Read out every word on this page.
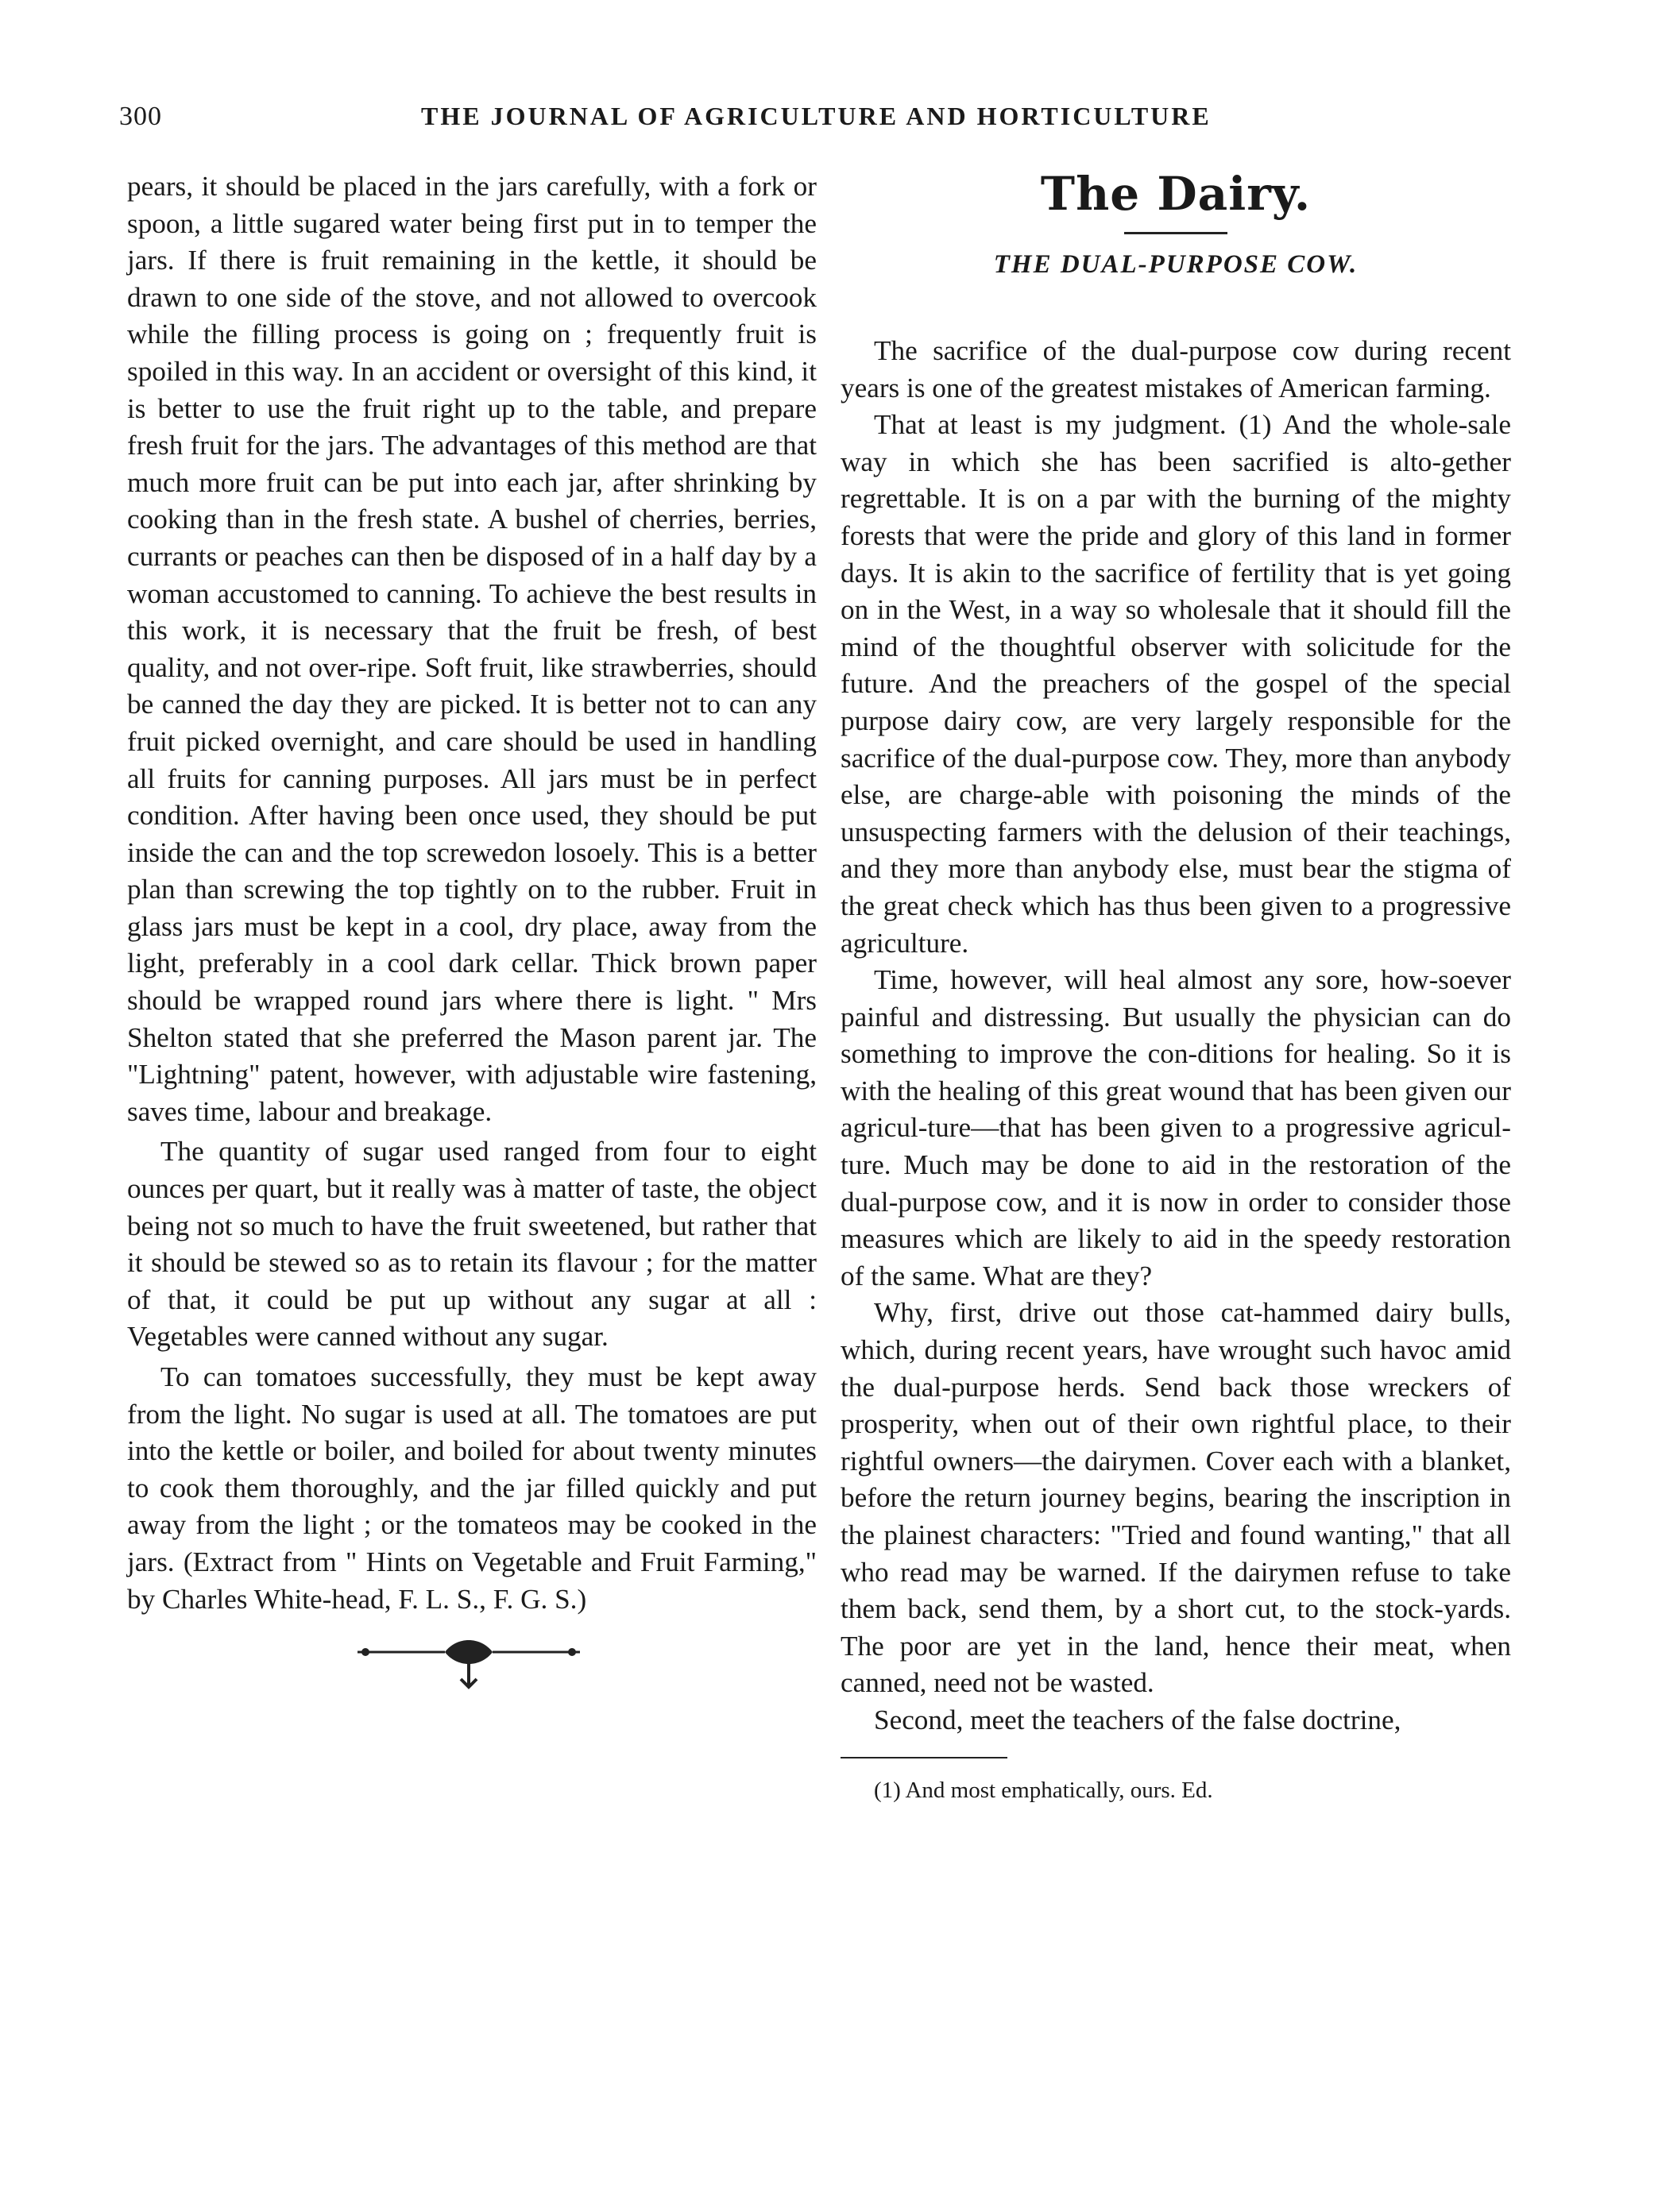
300	THE JOURNAL OF AGRICULTURE AND HORTICULTURE

pears, it should be placed in the jars carefully, with a fork or spoon, a little sugared water being first put in to temper the jars. If there is fruit remaining in the kettle, it should be drawn to one side of the stove, and not allowed to overcook while the filling process is going on ; frequently fruit is spoiled in this way. In an accident or oversight of this kind, it is better to use the fruit right up to the table, and prepare fresh fruit for the jars. The advantages of this method are that much more fruit can be put into each jar, after shrinking by cooking than in the fresh state. A bushel of cherries, berries, currants or peaches can then be disposed of in a half day by a woman accustomed to canning. To achieve the best results in this work, it is necessary that the fruit be fresh, of best quality, and not over-ripe. Soft fruit, like strawberries, should be canned the day they are picked. It is better not to can any fruit picked overnight, and care should be used in handling all fruits for canning purposes. All jars must be in perfect condition. After having been once used, they should be put inside the can and the top screwedon losoely. This is a better plan than screwing the top tightly on to the rubber. Fruit in glass jars must be kept in a cool, dry place, away from the light, preferably in a cool dark cellar. Thick brown paper should be wrapped round jars where there is light. " Mrs Shelton stated that she preferred the Mason parent jar. The "Lightning" patent, however, with adjustable wire fastening, saves time, labour and breakage.

The quantity of sugar used ranged from four to eight ounces per quart, but it really was à matter of taste, the object being not so much to have the fruit sweetened, but rather that it should be stewed so as to retain its flavour ; for the matter of that, it could be put up without any sugar at all : Vegetables were canned without any sugar.

To can tomatoes successfully, they must be kept away from the light. No sugar is used at all. The tomatoes are put into the kettle or boiler, and boiled for about twenty minutes to cook them thoroughly, and the jar filled quickly and put away from the light ; or the tomateos may be cooked in the jars. (Extract from " Hints on Vegetable and Fruit Farming," by Charles White-head, F. L. S., F. G. S.)

The Dairy.
THE DUAL-PURPOSE COW.

The sacrifice of the dual-purpose cow during recent years is one of the greatest mistakes of American farming.

That at least is my judgment. (1) And the whole-sale way in which she has been sacrified is alto-gether regrettable. It is on a par with the burning of the mighty forests that were the pride and glory of this land in former days. It is akin to the sacrifice of fertility that is yet going on in the West, in a way so wholesale that it should fill the mind of the thoughtful observer with solicitude for the future. And the preachers of the gospel of the special purpose dairy cow, are very largely responsible for the sacrifice of the dual-purpose cow. They, more than anybody else, are charge-able with poisoning the minds of the unsuspecting farmers with the delusion of their teachings, and they more than anybody else, must bear the stigma of the great check which has thus been given to a progressive agriculture.

Time, however, will heal almost any sore, how-soever painful and distressing. But usually the physician can do something to improve the con-ditions for healing. So it is with the healing of this great wound that has been given our agricul-ture—that has been given to a progressive agricul-ture. Much may be done to aid in the restoration of the dual-purpose cow, and it is now in order to consider those measures which are likely to aid in the speedy restoration of the same. What are they?

Why, first, drive out those cat-hammed dairy bulls, which, during recent years, have wrought such havoc amid the dual-purpose herds. Send back those wreckers of prosperity, when out of their own rightful place, to their rightful owners—the dairymen. Cover each with a blanket, before the return journey begins, bearing the inscription in the plainest characters: "Tried and found wanting," that all who read may be warned. If the dairymen refuse to take them back, send them, by a short cut, to the stock-yards. The poor are yet in the land, hence their meat, when canned, need not be wasted.

Second, meet the teachers of the false doctrine,

(1) And most emphatically, ours. Ed.
